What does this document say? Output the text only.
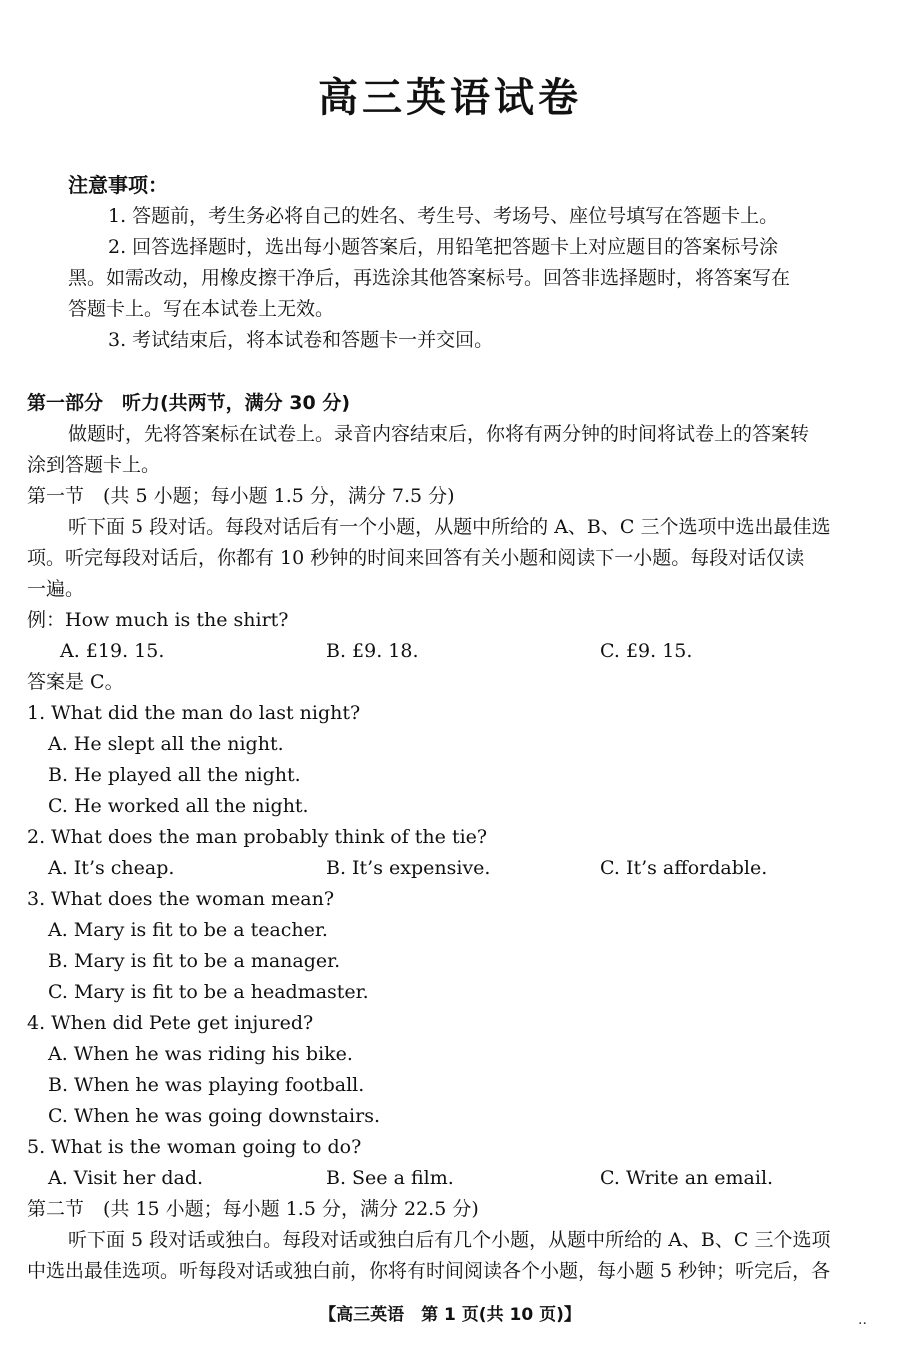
高三英语试卷
注意事项：
1. 答题前，考生务必将自己的姓名、考生号、考场号、座位号填写在答题卡上。
2. 回答选择题时，选出每小题答案后，用铅笔把答题卡上对应题目的答案标号涂
黑。如需改动，用橡皮擦干净后，再选涂其他答案标号。回答非选择题时，将答案写在
答题卡上。写在本试卷上无效。
3. 考试结束后，将本试卷和答题卡一并交回。
第一部分　听力(共两节，满分 30 分)
做题时，先将答案标在试卷上。录音内容结束后，你将有两分钟的时间将试卷上的答案转
涂到答题卡上。
第一节　(共 5 小题；每小题 1.5 分，满分 7.5 分)
听下面 5 段对话。每段对话后有一个小题，从题中所给的 A、B、C 三个选项中选出最佳选
项。听完每段对话后，你都有 10 秒钟的时间来回答有关小题和阅读下一小题。每段对话仅读
一遍。
例：How much is the shirt?
A. £19. 15.	B. £9. 18.	C. £9. 15.
答案是 C。
1. What did the man do last night?
A. He slept all the night.
B. He played all the night.
C. He worked all the night.
2. What does the man probably think of the tie?
A. It’s cheap.	B. It’s expensive.	C. It’s affordable.
3. What does the woman mean?
A. Mary is fit to be a teacher.
B. Mary is fit to be a manager.
C. Mary is fit to be a headmaster.
4. When did Pete get injured?
A. When he was riding his bike.
B. When he was playing football.
C. When he was going downstairs.
5. What is the woman going to do?
A. Visit her dad.	B. See a film.	C. Write an email.
第二节　(共 15 小题；每小题 1.5 分，满分 22.5 分)
听下面 5 段对话或独白。每段对话或独白后有几个小题，从题中所给的 A、B、C 三个选项
中选出最佳选项。听每段对话或独白前，你将有时间阅读各个小题，每小题 5 秒钟；听完后，各
【高三英语　第 1 页(共 10 页)】	..
